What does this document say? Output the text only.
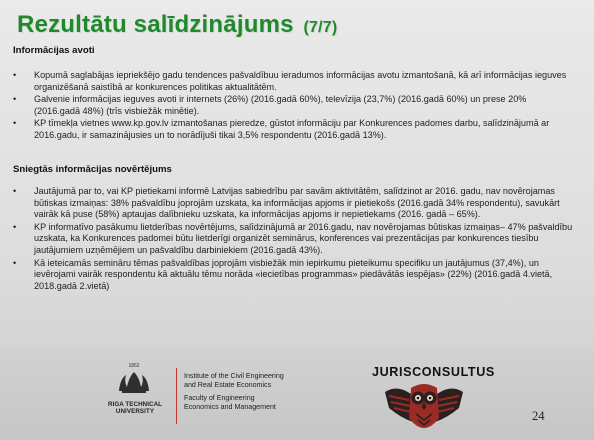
Rezultātu salīdzinājums (7/7)
Informācijas avoti
•	Kopumā saglabājas iepriekšējo gadu tendences pašvaldībuu ieradumos informācijas avotu izmantošanā, kā arī informācijas ieguves organizēšanā saistībā ar konkurences politikas aktualitātēm.
•	Galvenie informācijas ieguves avoti ir internets (26%) (2016.gadā 60%), televīzija (23,7%) (2016.gadā 60%) un prese 20% (2016.gadā 48%) (trīs visbiežāk minētie).
•	KP tīmekļa vietnes www.kp.gov.lv izmantošanas pieredze, gūstot informāciju par Konkurences padomes darbu, salīdzinājumā ar 2016.gadu, ir samazinājusies un to norādījuši tikai 3,5% respondentu (2016.gadā 13%).
Sniegtās informācijas novērtējums
•	Jautājumā par to, vai KP pietiekami informē Latvijas sabiedrību par savām aktivitātēm, salīdzinot ar 2016. gadu, nav novērojamas būtiskas izmaiņas: 38% pašvaldību joprojām uzskata, ka informācijas apjoms ir pietiekošs (2016.gadā 34% respondentu), savukārt vairāk kā puse (58%) aptaujas dalībnieku uzskata, ka informācijas apjoms ir nepietiekams (2016. gadā – 65%).
•	KP informatīvo pasākumu lietderības novērtējums, salīdzinājumā ar 2016.gadu, nav novērojamas būtiskas izmaiņas– 47% pašvaldību uzskata, ka Konkurences padomei būtu lietderīgi organizēt seminārus, konferences vai prezentācijas par konkurences tiesību jautājumiem uzņēmējiem un pašvaldību darbiniekiem (2016.gadā 43%).
•	Kā ieteicamās semināru tēmas pašvaldības joprojām visbiežāk min iepirkumu pieteikumu specifiku un jautājumus (37,4%), un ievērojami vairāk respondentu kā aktuālu tēmu norāda «iecietības programmas» piedāvātās iespējas» (22%) (2016.gadā 4.vietā, 2018.gadā 2.vietā)
1862
RIGA TECHNICAL
UNIVERSITY
Institute of the Civil Engineering
and Real Estate Economics
Faculty of Engineering
Economics and Management
JURISCONSULTUS
24
